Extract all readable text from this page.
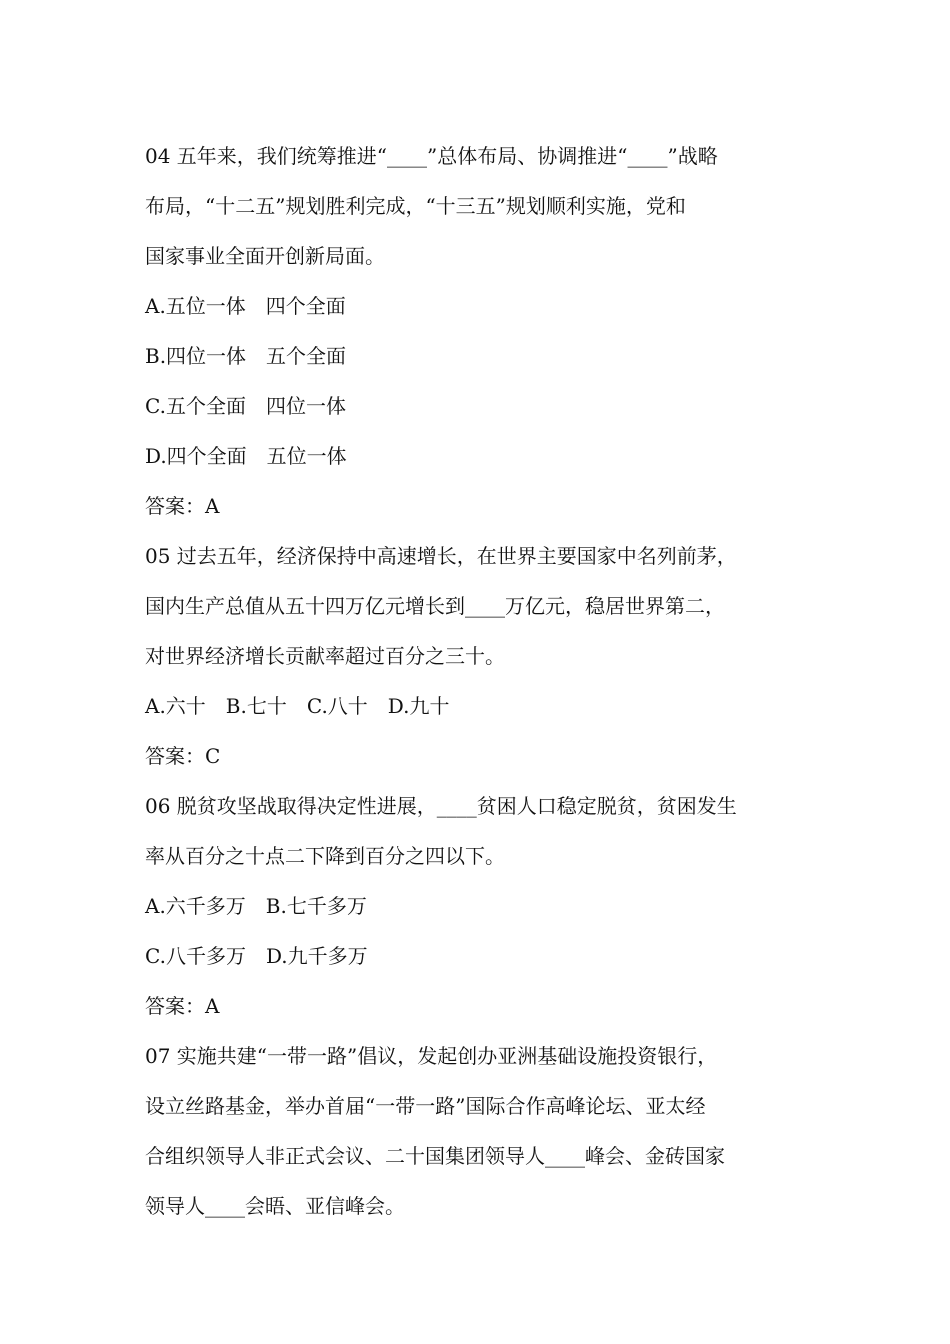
04 五年来，我们统筹推进“____”总体布局、协调推进“____”战略
布局，“十二五”规划胜利完成，“十三五”规划顺利实施，党和
国家事业全面开创新局面。
A.五位一体　四个全面
B.四位一体　五个全面
C.五个全面　四位一体
D.四个全面　五位一体
答案：A
05 过去五年，经济保持中高速增长，在世界主要国家中名列前茅，
国内生产总值从五十四万亿元增长到____万亿元，稳居世界第二，
对世界经济增长贡献率超过百分之三十。
A.六十　B.七十　C.八十　D.九十
答案：C
06 脱贫攻坚战取得决定性进展，____贫困人口稳定脱贫，贫困发生
率从百分之十点二下降到百分之四以下。
A.六千多万　B.七千多万
C.八千多万　D.九千多万
答案：A
07 实施共建“一带一路”倡议，发起创办亚洲基础设施投资银行，
设立丝路基金，举办首届“一带一路”国际合作高峰论坛、亚太经
合组织领导人非正式会议、二十国集团领导人____峰会、金砖国家
领导人____会晤、亚信峰会。
